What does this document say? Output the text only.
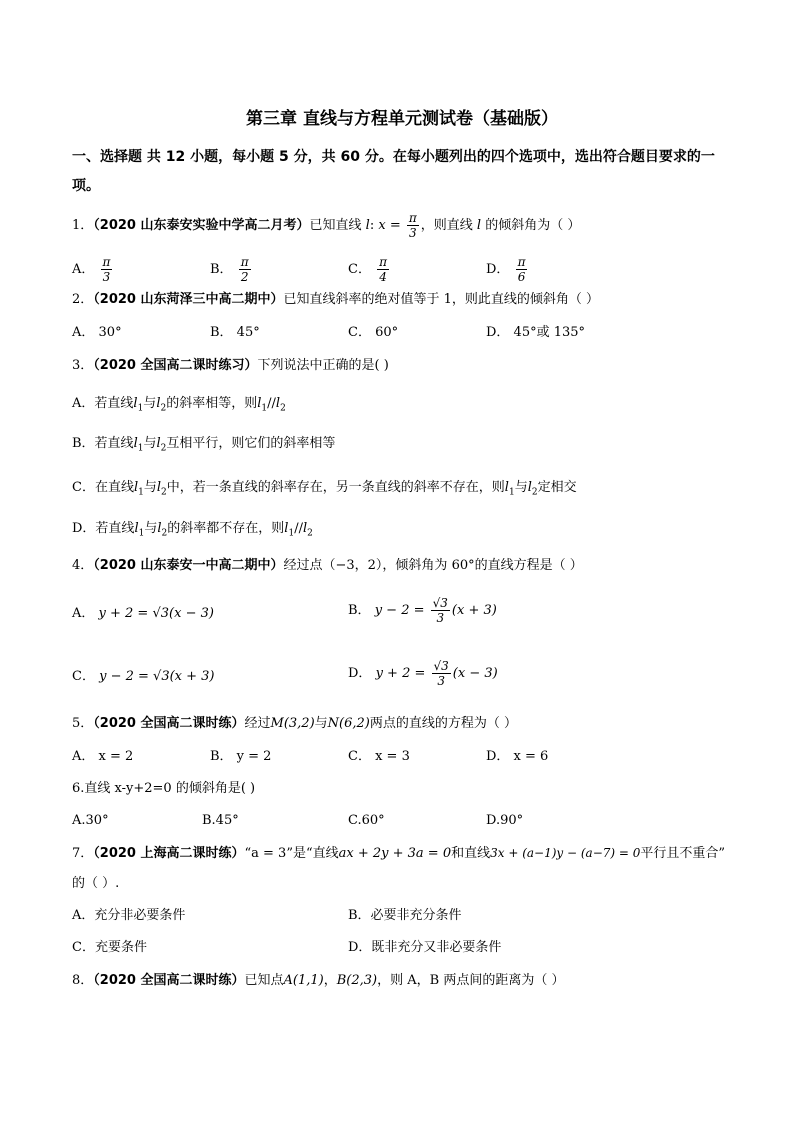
第三章 直线与方程单元测试卷（基础版）
一、选择题 共 12 小题，每小题 5 分，共 60 分。在每小题列出的四个选项中，选出符合题目要求的一项。
1．（2020 山东泰安实验中学高二月考）已知直线 l: $x = \frac{\pi}{3}$ ，则直线 l 的倾斜角为（ ）
A． $\frac{\pi}{3}$	B． $\frac{\pi}{2}$	C． $\frac{\pi}{4}$	D． $\frac{\pi}{6}$
2．（2020 山东菏泽三中高二期中）已知直线斜率的绝对值等于 1，则此直线的倾斜角（ ）
A． 30°	B． 45°	C． 60°	D． 45°或 135°
3．（2020 全国高二课时练习）下列说法中正确的是( )
A．若直线$l_1$与$l_2$的斜率相等，则$l_1//l_2$
B．若直线$l_1$与$l_2$互相平行，则它们的斜率相等
C．在直线$l_1$与$l_2$中，若一条直线的斜率存在，另一条直线的斜率不存在，则$l_1$与$l_2$定相交
D．若直线$l_1$与$l_2$的斜率都不存在，则$l_1//l_2$
4．（2020 山东泰安一中高二期中）经过点（−3，2），倾斜角为 60°的直线方程是（ ）
A． y + 2 = √3(x − 3)	B． $y - 2 = \frac{√3}{3} (x + 3)$
C． y − 2 = √3(x + 3)	D． $y + 2 = \frac{√3}{3} (x - 3)$
5．（2020 全国高二课时练）经过M(3,2)与N(6,2)两点的直线的方程为（ ）
A． x = 2	B． y = 2	C． x = 3	D． x = 6
6.直线 x-y+2=0 的倾斜角是( )
A.30°	B.45°	C.60°	D.90°
7．（2020 上海高二课时练）“a = 3”是“直线ax + 2y + 3a = 0和直线3x + (a−1)y − (a−7) = 0平行且不重合”
的（ ）.
A．充分非必要条件	B．必要非充分条件
C．充要条件	D．既非充分又非必要条件
8．（2020 全国高二课时练）已知点A(1,1)，B(2,3)，则 A，B 两点间的距离为（ ）
